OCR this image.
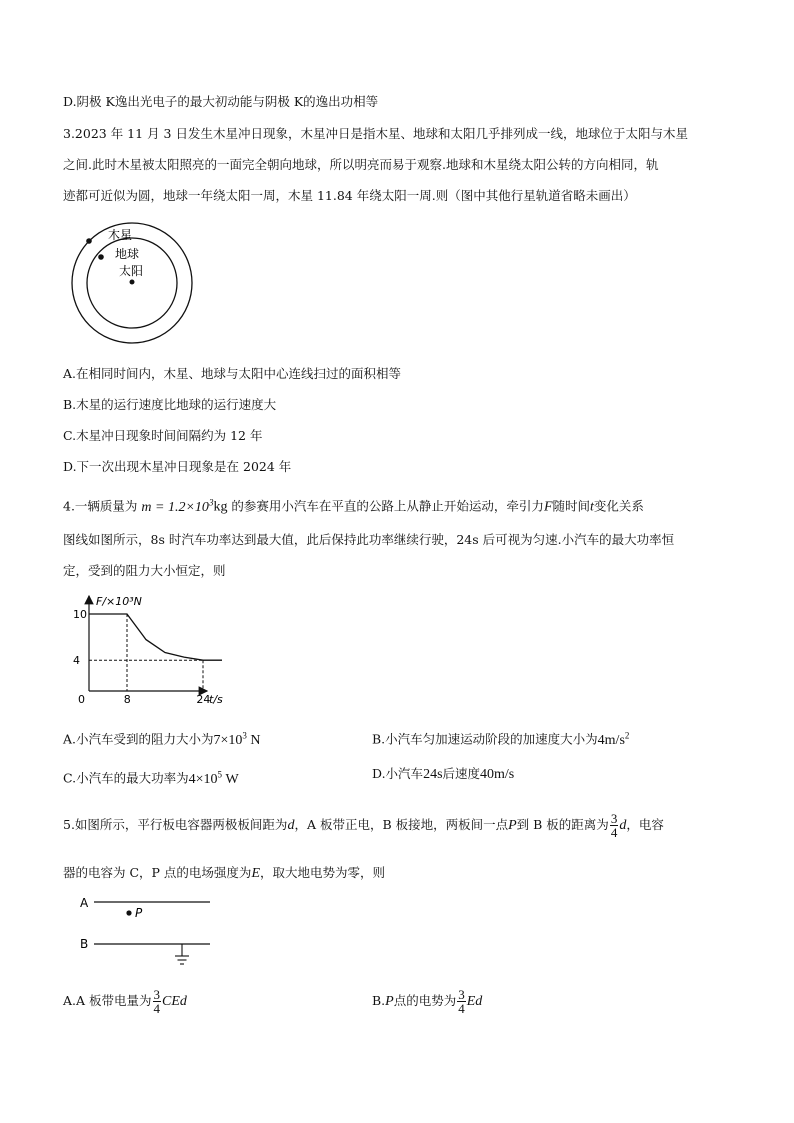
D.阴极 K逸出光电子的最大初动能与阴极 K的逸出功相等
3.2023 年 11 月 3 日发生木星冲日现象，木星冲日是指木星、地球和太阳几乎排列成一线，地球位于太阳与木星
之间.此时木星被太阳照亮的一面完全朝向地球，所以明亮而易于观察.地球和木星绕太阳公转的方向相同，轨
迹都可近似为圆，地球一年绕太阳一周，木星 11.84 年绕太阳一周.则（图中其他行星轨道省略未画出）
木星
地球
太阳
A.在相同时间内，木星、地球与太阳中心连线扫过的面积相等
B.木星的运行速度比地球的运行速度大
C.木星冲日现象时间间隔约为 12 年
D.下一次出现木星冲日现象是在 2024 年
4.一辆质量为 $m = 1.2\times 10^3kg$ 的参赛用小汽车在平直的公路上从静止开始运动，牵引力F随时间t变化关系
图线如图所示，8s 时汽车功率达到最大值，此后保持此功率继续行驶，24s 后可视为匀速.小汽车的最大功率恒
定，受到的阻力大小恒定，则
F/×10³N
t/s
0
10
4
8	24
A.小汽车受到的阻力大小为$7\times 10^3$ N	B.小汽车匀加速运动阶段的加速度大小为$4m/s^2$
C.小汽车的最大功率为$4\times 10^5$ W	D.小汽车24s后速度40m/s
5.如图所示，平行板电容器两极板间距为d，A 板带正电，B 板接地，两板间一点P到 B 板的距离为 $\frac{3}{4}$ d，电容
器的电容为 C，P 点的电场强度为E，取大地电势为零，则
A
P
B
A.A 板带电量为 $\frac{3}{4}$ CEd	B.P点的电势为 $\frac{3}{4}$ Ed
